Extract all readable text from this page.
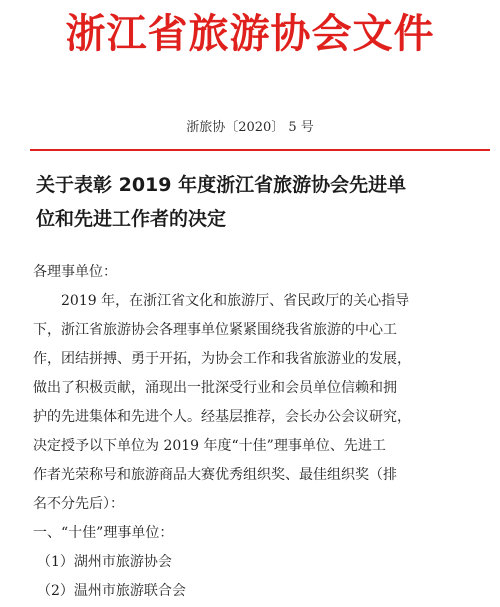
浙江省旅游协会文件
浙旅协〔2020〕 5 号
关于表彰 2019 年度浙江省旅游协会先进单
位和先进工作者的决定
各理事单位：
2019 年，在浙江省文化和旅游厅、省民政厅的关心指导
下，浙江省旅游协会各理事单位紧紧围绕我省旅游的中心工
作，团结拼搏、勇于开拓，为协会工作和我省旅游业的发展，
做出了积极贡献，涌现出一批深受行业和会员单位信赖和拥
护的先进集体和先进个人。经基层推荐，会长办公会议研究，
决定授予以下单位为 2019 年度“十佳”理事单位、先进工
作者光荣称号和旅游商品大赛优秀组织奖、最佳组织奖（排
名不分先后）：
一、“十佳”理事单位：
（1）湖州市旅游协会
（2）温州市旅游联合会
